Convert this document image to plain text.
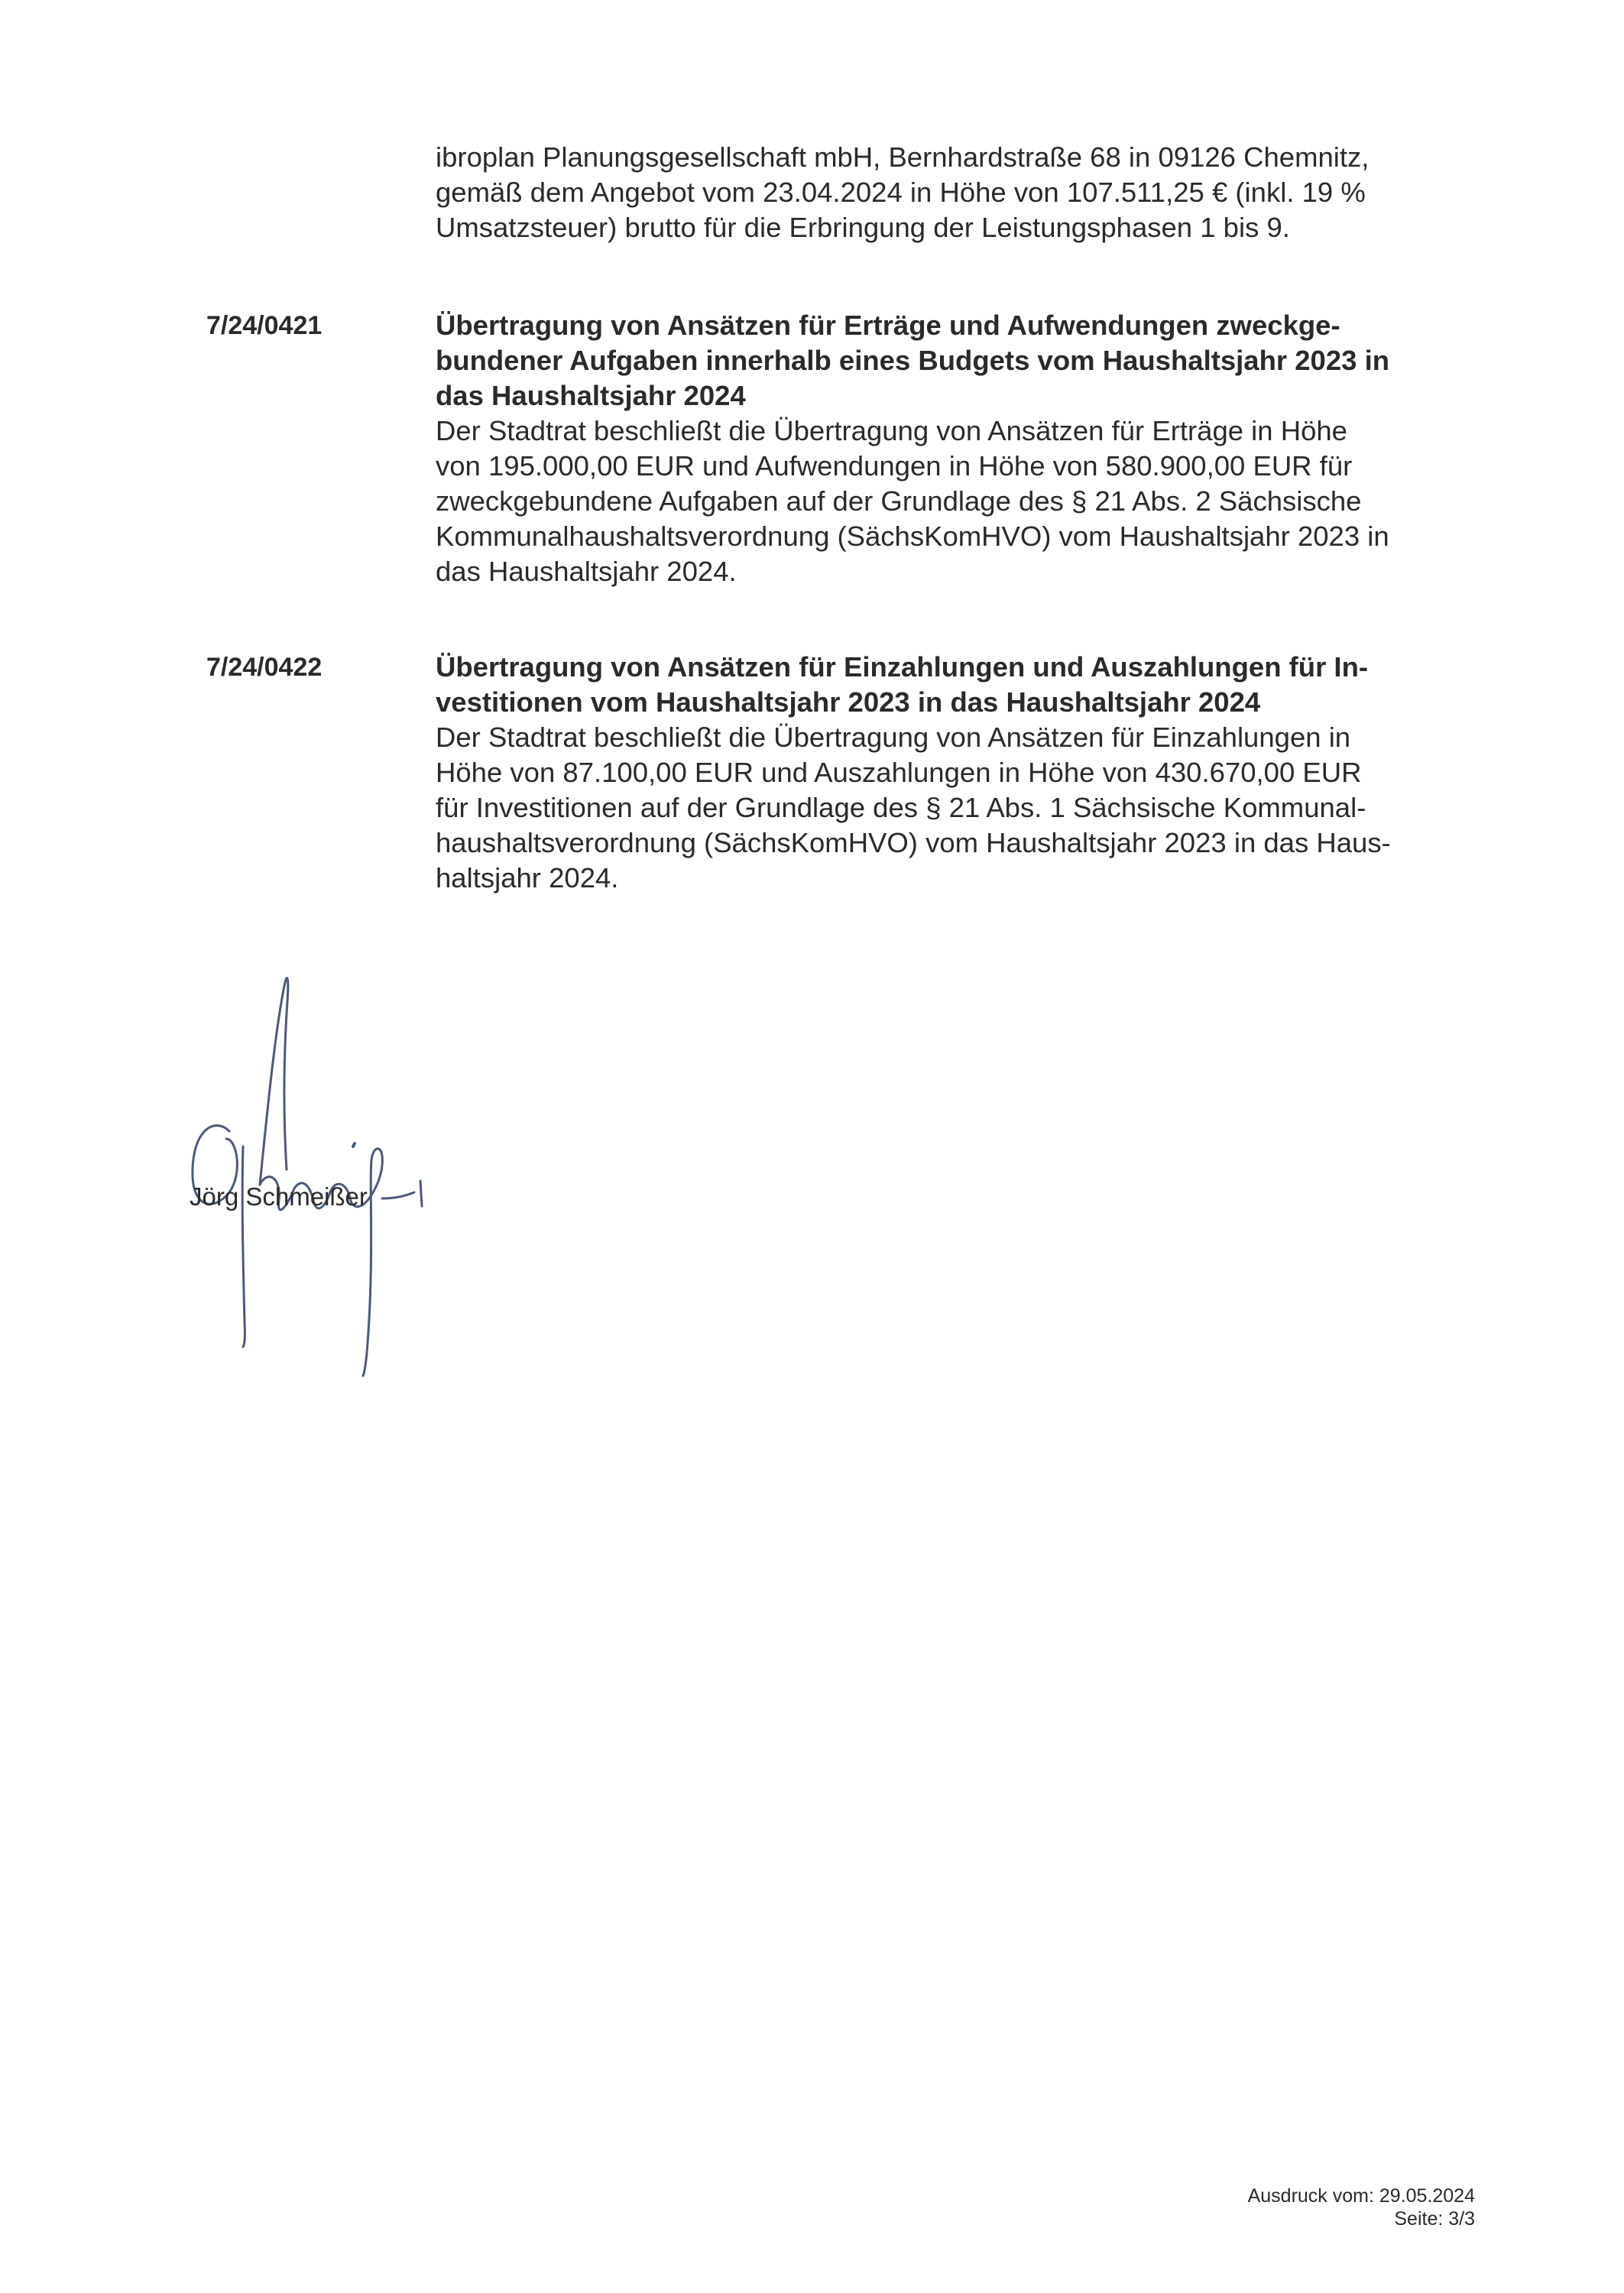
ibroplan Planungsgesellschaft mbH, Bernhardstraße 68 in 09126 Chemnitz,
gemäß dem Angebot vom 23.04.2024 in Höhe von 107.511,25 € (inkl. 19 %
Umsatzsteuer) brutto für die Erbringung der Leistungsphasen 1 bis 9.

7/24/0421	Übertragung von Ansätzen für Erträge und Aufwendungen zweckge-
bundener Aufgaben innerhalb eines Budgets vom Haushaltsjahr 2023 in
das Haushaltsjahr 2024

Der Stadtrat beschließt die Übertragung von Ansätzen für Erträge in Höhe
von 195.000,00 EUR und Aufwendungen in Höhe von 580.900,00 EUR für
zweckgebundene Aufgaben auf der Grundlage des § 21 Abs. 2 Sächsische
Kommunalhaushaltsverordnung (SächsKomHVO) vom Haushaltsjahr 2023 in
das Haushaltsjahr 2024.

7/24/0422	Übertragung von Ansätzen für Einzahlungen und Auszahlungen für In-
vestitionen vom Haushaltsjahr 2023 in das Haushaltsjahr 2024

Der Stadtrat beschließt die Übertragung von Ansätzen für Einzahlungen in
Höhe von 87.100,00 EUR und Auszahlungen in Höhe von 430.670,00 EUR
für Investitionen auf der Grundlage des § 21 Abs. 1 Sächsische Kommunal-
haushaltsverordnung (SächsKomHVO) vom Haushaltsjahr 2023 in das Haus-
haltsjahr 2024.

Jörg Schmeißer
Ausdruck vom: 29.05.2024
Seite: 3/3
